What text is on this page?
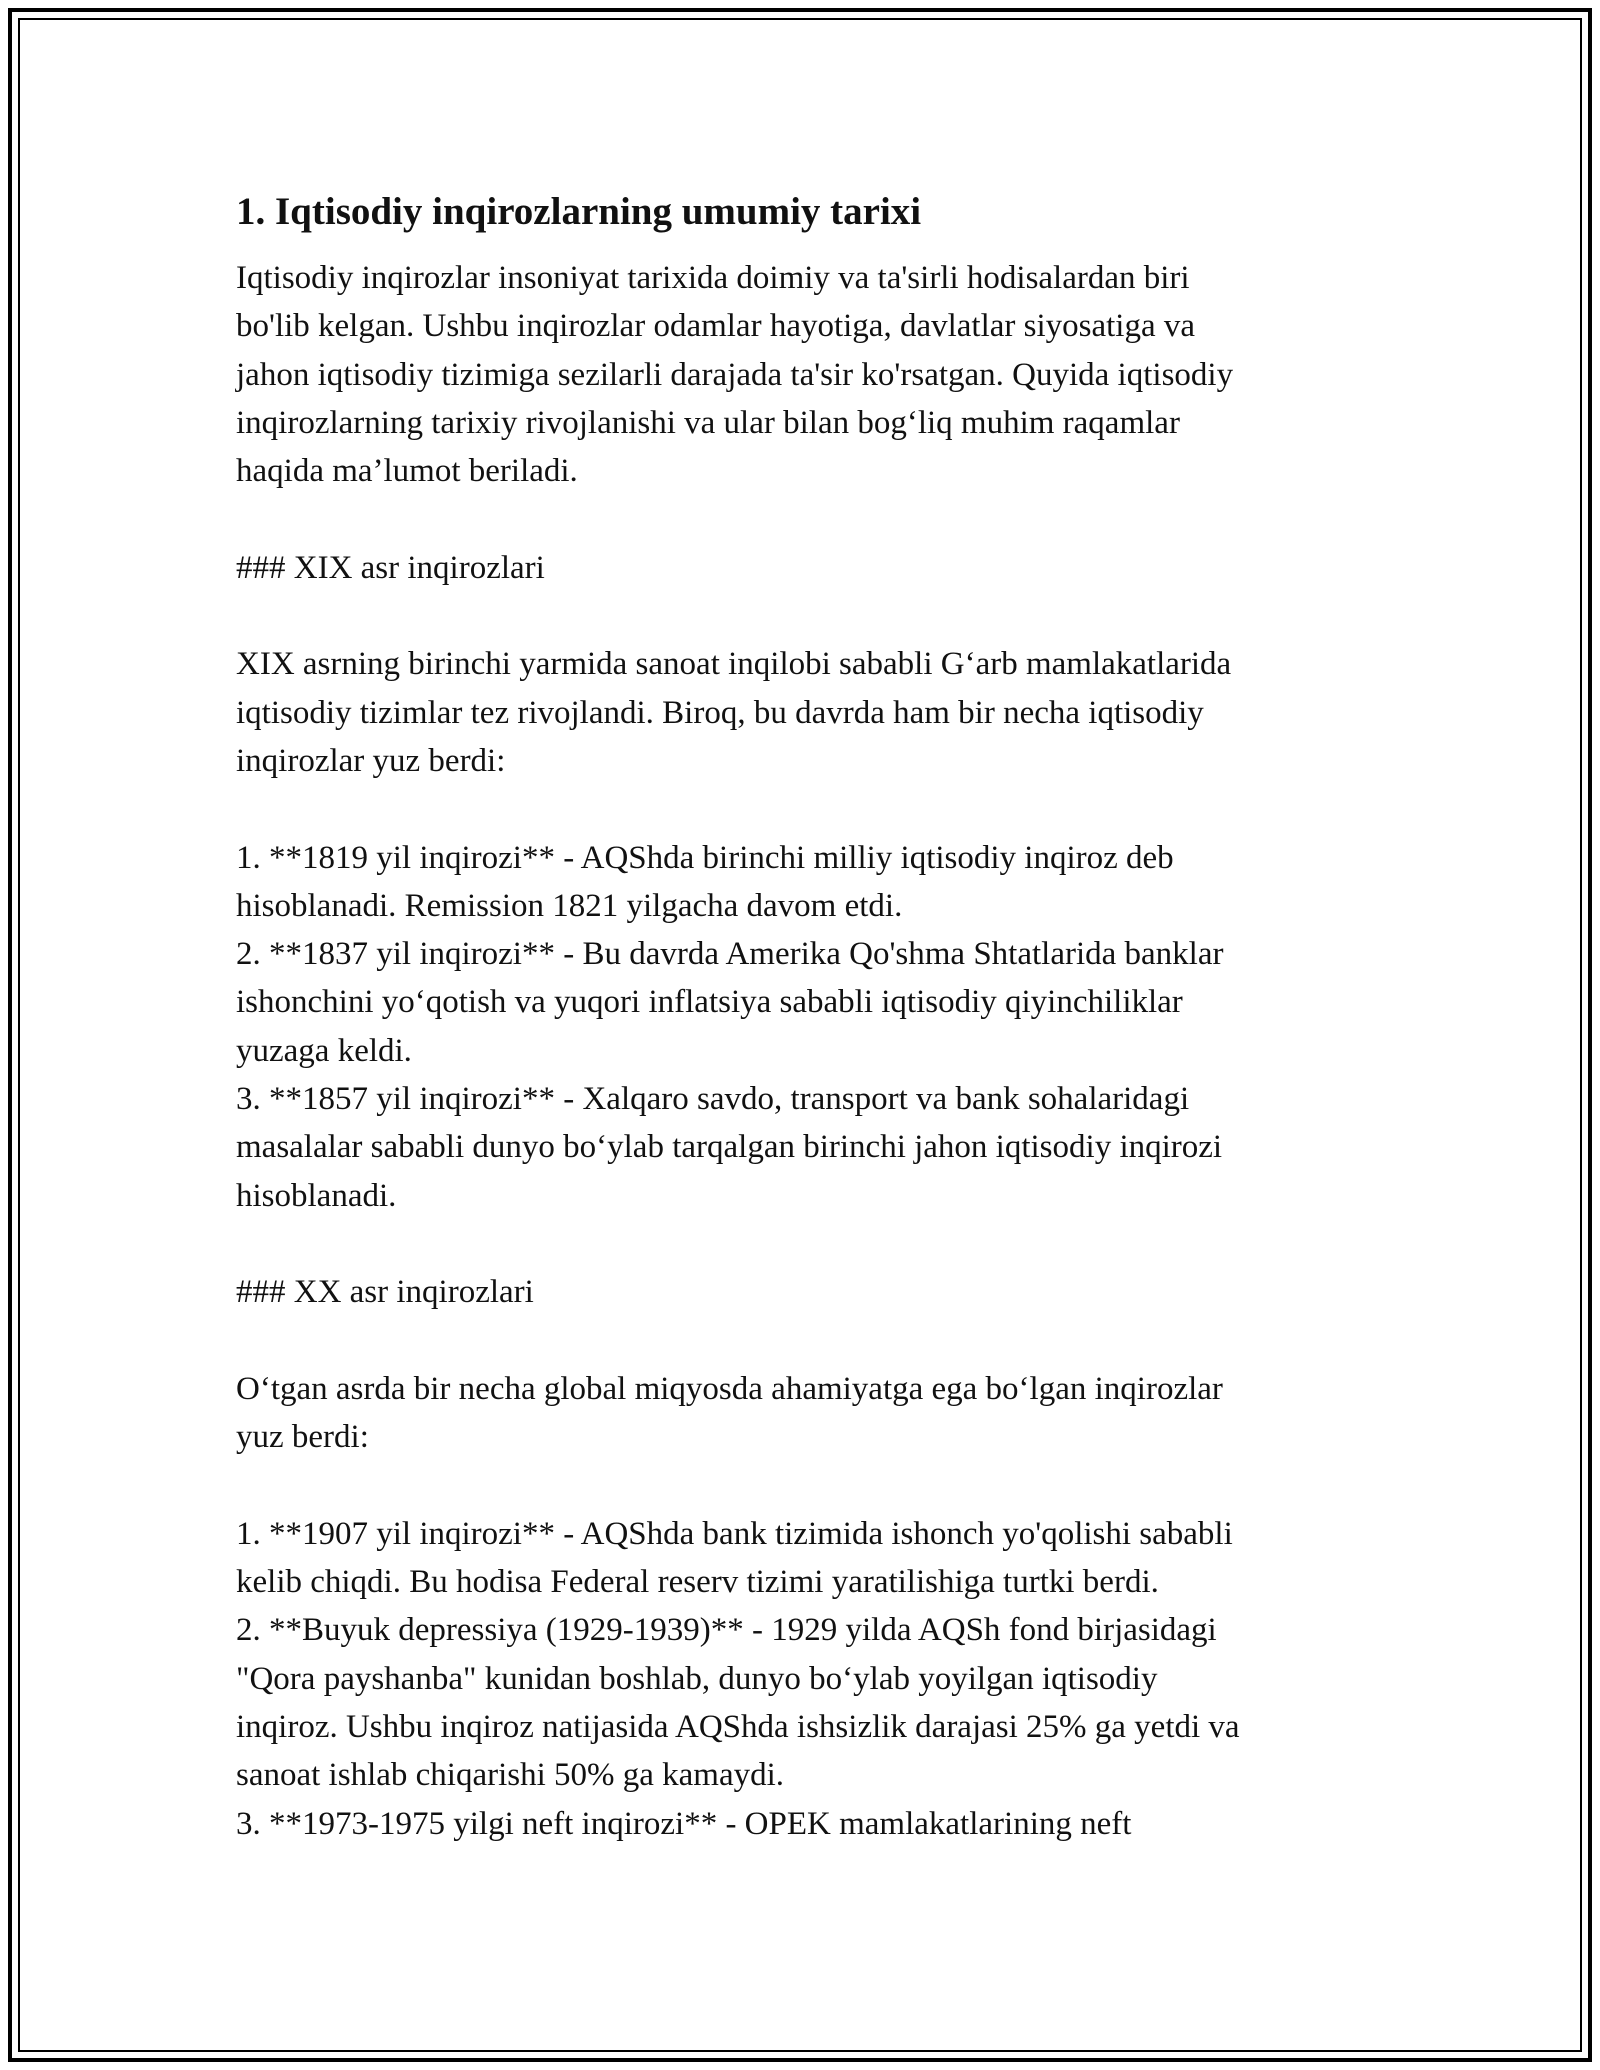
1. Iqtisodiy inqirozlarning umumiy tarixi

Iqtisodiy inqirozlar insoniyat tarixida doimiy va ta'sirli hodisalardan biri
bo'lib kelgan. Ushbu inqirozlar odamlar hayotiga, davlatlar siyosatiga va
jahon iqtisodiy tizimiga sezilarli darajada ta'sir ko'rsatgan. Quyida iqtisodiy
inqirozlarning tarixiy rivojlanishi va ular bilan bog‘liq muhim raqamlar
haqida ma’lumot beriladi.

### XIX asr inqirozlari

XIX asrning birinchi yarmida sanoat inqilobi sababli G‘arb mamlakatlarida
iqtisodiy tizimlar tez rivojlandi. Biroq, bu davrda ham bir necha iqtisodiy
inqirozlar yuz berdi:

1. **1819 yil inqirozi** - AQShda birinchi milliy iqtisodiy inqiroz deb
hisoblanadi. Remission 1821 yilgacha davom etdi.

2. **1837 yil inqirozi** - Bu davrda Amerika Qo'shma Shtatlarida banklar
ishonchini yo‘qotish va yuqori inflatsiya sababli iqtisodiy qiyinchiliklar
yuzaga keldi.

3. **1857 yil inqirozi** - Xalqaro savdo, transport va bank sohalaridagi
masalalar sababli dunyo bo‘ylab tarqalgan birinchi jahon iqtisodiy inqirozi
hisoblanadi.

### XX asr inqirozlari

O‘tgan asrda bir necha global miqyosda ahamiyatga ega bo‘lgan inqirozlar
yuz berdi:

1. **1907 yil inqirozi** - AQShda bank tizimida ishonch yo'qolishi sababli
kelib chiqdi. Bu hodisa Federal reserv tizimi yaratilishiga turtki berdi.

2. **Buyuk depressiya (1929-1939)** - 1929 yilda AQSh fond birjasidagi
"Qora payshanba" kunidan boshlab, dunyo bo‘ylab yoyilgan iqtisodiy
inqiroz. Ushbu inqiroz natijasida AQShda ishsizlik darajasi 25% ga yetdi va
sanoat ishlab chiqarishi 50% ga kamaydi.

3. **1973-1975 yilgi neft inqirozi** - OPEK mamlakatlarining neft
